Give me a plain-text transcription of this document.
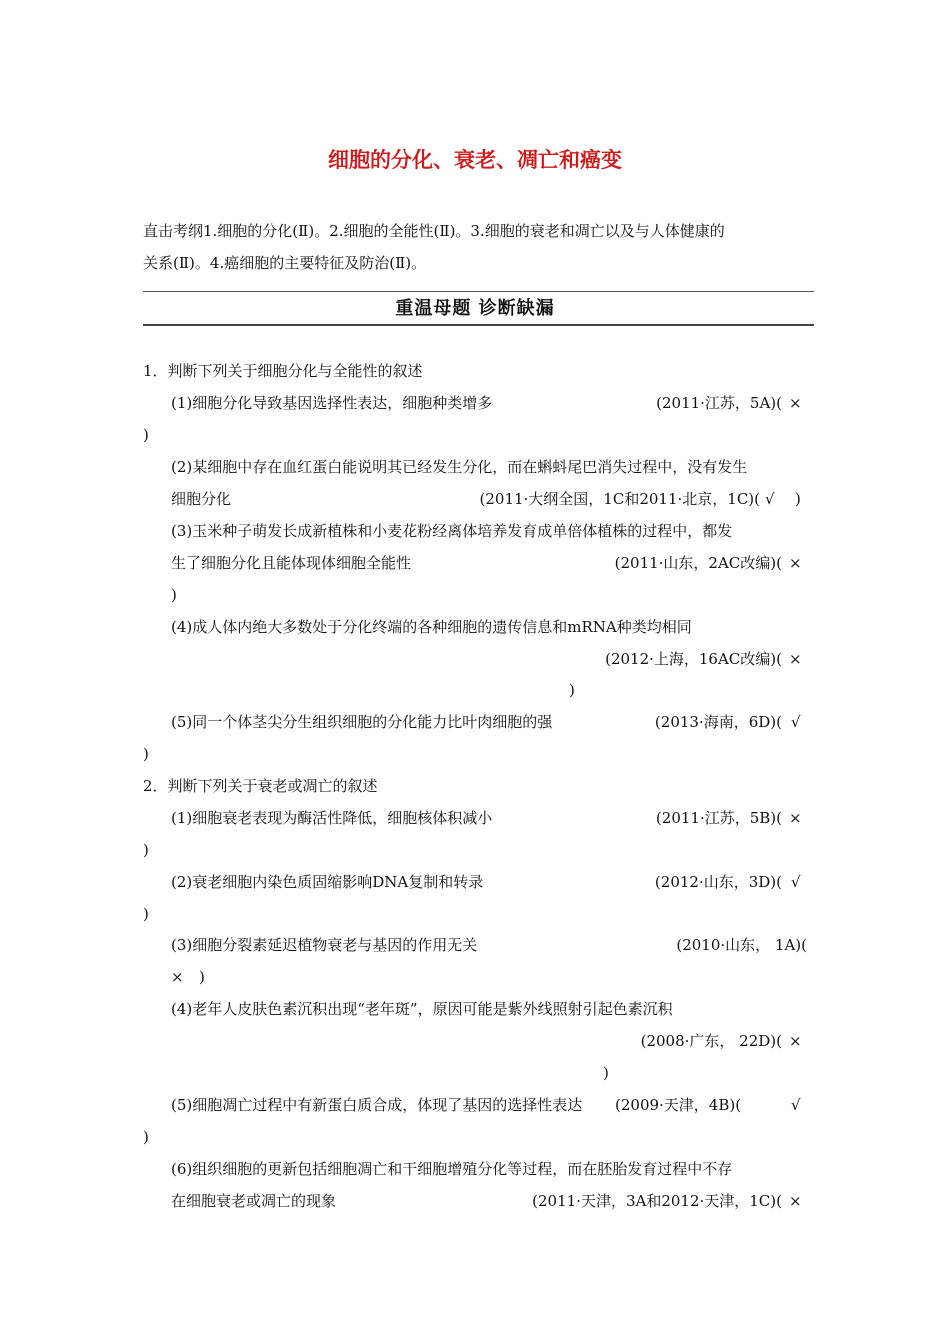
细胞的分化、衰老、凋亡和癌变
直击考纲1.细胞的分化(Ⅱ)。2.细胞的全能性(Ⅱ)。3.细胞的衰老和凋亡以及与人体健康的
关系(Ⅱ)。4.癌细胞的主要特征及防治(Ⅱ)。
重温母题 诊断缺漏
1．判断下列关于细胞分化与全能性的叙述
(1)细胞分化导致基因选择性表达，细胞种类增多	(2011·江苏，5A)( ×
)
(2)某细胞中存在血红蛋白能说明其已经发生分化，而在蝌蚪尾巴消失过程中，没有发生
细胞分化	(2011·大纲全国，1C和2011·北京，1C)( √ )
(3)玉米种子萌发长成新植株和小麦花粉经离体培养发育成单倍体植株的过程中，都发
生了细胞分化且能体现体细胞全能性	(2011·山东，2AC改编)( ×
)
(4)成人体内绝大多数处于分化终端的各种细胞的遗传信息和mRNA种类均相同
(2012·上海，16AC改编)( ×
)
(5)同一个体茎尖分生组织细胞的分化能力比叶肉细胞的强	(2013·海南，6D)( √
)
2．判断下列关于衰老或凋亡的叙述
(1)细胞衰老表现为酶活性降低，细胞核体积减小	(2011·江苏，5B)( ×
)
(2)衰老细胞内染色质固缩影响DNA复制和转录	(2012·山东，3D)( √
)
(3)细胞分裂素延迟植物衰老与基因的作用无关	(2010·山东， 1A)(
× )
(4)老年人皮肤色素沉积出现“老年斑”，原因可能是紫外线照射引起色素沉积
(2008·广东， 22D)( ×
)
(5)细胞凋亡过程中有新蛋白质合成，体现了基因的选择性表达 (2009·天津，4B)(	√
)
(6)组织细胞的更新包括细胞凋亡和干细胞增殖分化等过程，而在胚胎发育过程中不存
在细胞衰老或凋亡的现象	(2011·天津，3A和2012·天津，1C)( ×
